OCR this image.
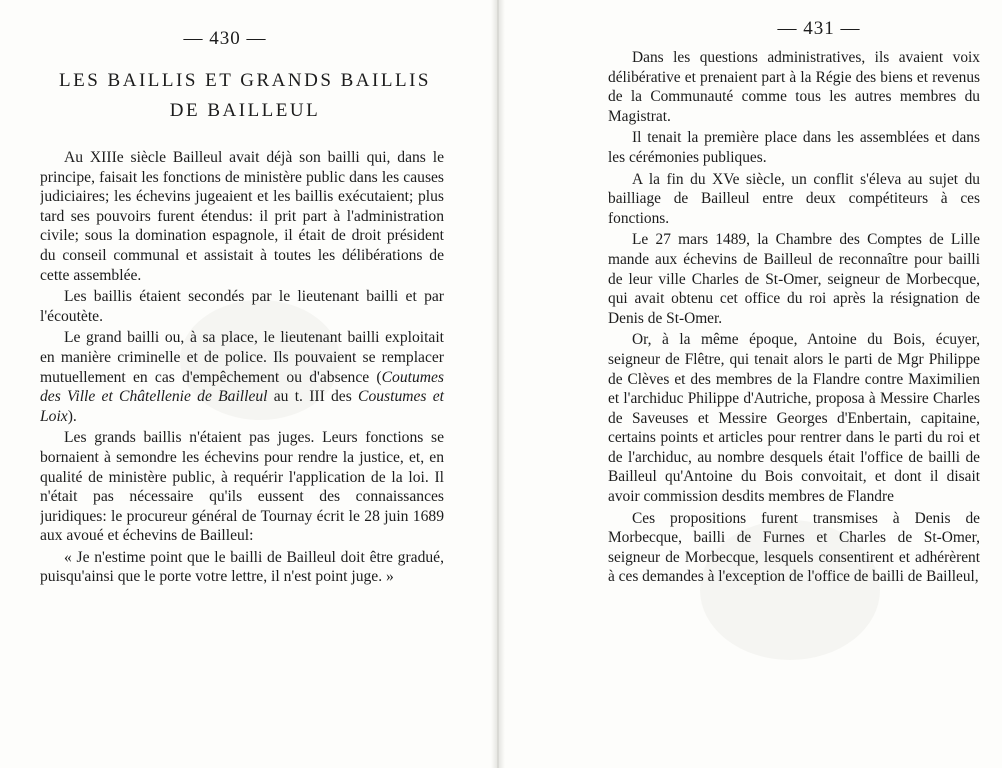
— 430 —
LES BAILLIS ET GRANDS BAILLIS
DE BAILLEUL

Au XIIIe siècle Bailleul avait déjà son bailli qui, dans le principe, faisait les fonctions de ministère public dans les causes judiciaires; les échevins jugeaient et les baillis exécutaient; plus tard ses pouvoirs furent étendus: il prit part à l'administration civile; sous la domination espagnole, il était de droit président du conseil communal et assistait à toutes les délibérations de cette assemblée.

Les baillis étaient secondés par le lieutenant bailli et par l'écoutète.

Le grand bailli ou, à sa place, le lieutenant bailli exploitait en manière criminelle et de police. Ils pouvaient se remplacer mutuellement en cas d'empêchement ou d'absence (Coutumes des Ville et Châtellenie de Bailleul au t. III des Coustumes et Loix).

Les grands baillis n'étaient pas juges. Leurs fonctions se bornaient à semondre les échevins pour rendre la justice, et, en qualité de ministère public, à requérir l'application de la loi. Il n'était pas nécessaire qu'ils eussent des connaissances juridiques: le procureur général de Tournay écrit le 28 juin 1689 aux avoué et échevins de Bailleul:

« Je n'estime point que le bailli de Bailleul doit être gradué, puisqu'ainsi que le porte votre lettre, il n'est point juge. »

— 431 —

Dans les questions administratives, ils avaient voix délibérative et prenaient part à la Régie des biens et revenus de la Communauté comme tous les autres membres du Magistrat.

Il tenait la première place dans les assemblées et dans les cérémonies publiques.

A la fin du XVe siècle, un conflit s'éleva au sujet du bailliage de Bailleul entre deux compétiteurs à ces fonctions.

Le 27 mars 1489, la Chambre des Comptes de Lille mande aux échevins de Bailleul de reconnaître pour bailli de leur ville Charles de St-Omer, seigneur de Morbecque, qui avait obtenu cet office du roi après la résignation de Denis de St-Omer.

Or, à la même époque, Antoine du Bois, écuyer, seigneur de Flêtre, qui tenait alors le parti de Mgr Philippe de Clèves et des membres de la Flandre contre Maximilien et l'archiduc Philippe d'Autriche, proposa à Messire Charles de Saveuses et Messire Georges d'Enbertain, capitaine, certains points et articles pour rentrer dans le parti du roi et de l'archiduc, au nombre desquels était l'office de bailli de Bailleul qu'Antoine du Bois convoitait, et dont il disait avoir commission desdits membres de Flandre

Ces propositions furent transmises à Denis de Morbecque, bailli de Furnes et Charles de St-Omer, seigneur de Morbecque, lesquels consentirent et adhérèrent à ces demandes à l'exception de l'office de bailli de Bailleul,
